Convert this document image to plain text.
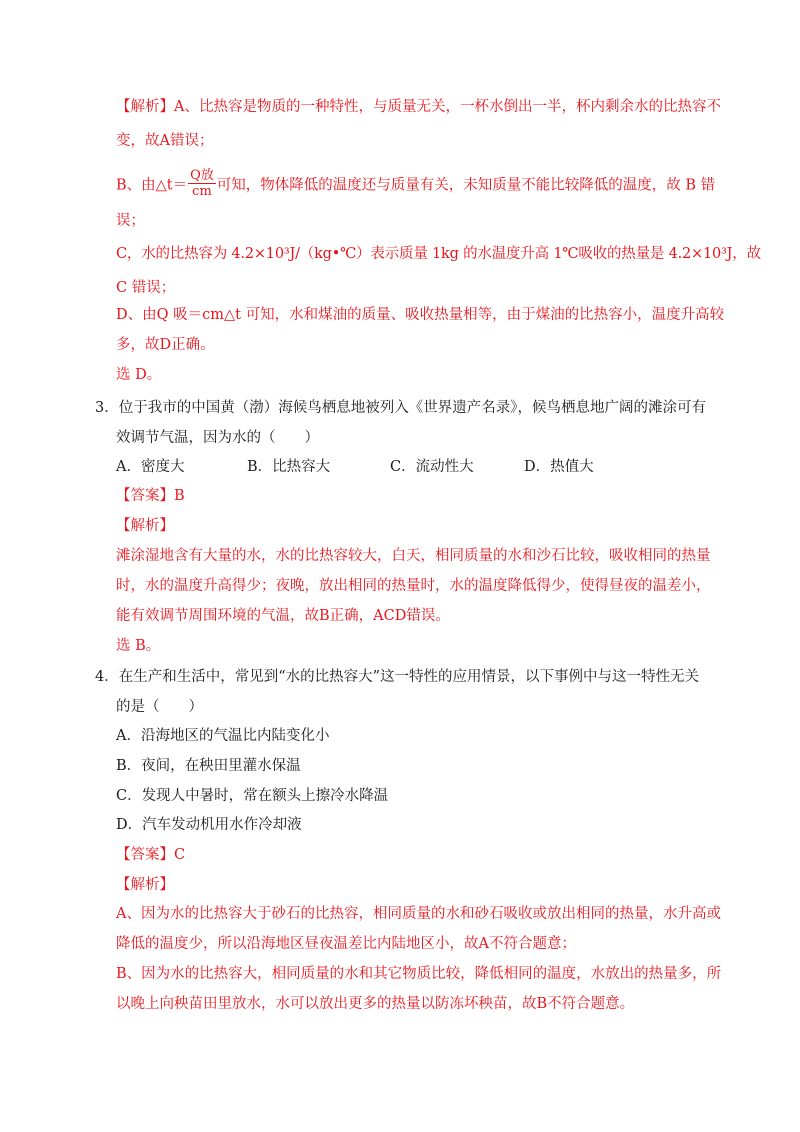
【解析】A、比热容是物质的一种特性，与质量无关，一杯水倒出一半，杯内剩余水的比热容不
变，故A错误；
B、由△t＝ $\frac{\text{Q放}}{cm}$ 可知，物体降低的温度还与质量有关，未知质量不能比较降低的温度，故 B 错
误；
C，水的比热容为 4.2×10³J/（kg•℃）表示质量 1kg 的水温度升高 1℃吸收的热量是 4.2×10³J，故
C 错误；
D、由Q 吸＝cm△t 可知，水和煤油的质量、吸收热量相等，由于煤油的比热容小，温度升高较
多，故D正确。
选 D。
3．位于我市的中国黄（渤）海候鸟栖息地被列入《世界遗产名录》，候鸟栖息地广阔的滩涂可有
效调节气温，因为水的（　　）
A．密度大	B．比热容大	C．流动性大	D．热值大
【答案】B
【解析】
滩涂湿地含有大量的水，水的比热容较大，白天，相同质量的水和沙石比较，吸收相同的热量
时，水的温度升高得少；夜晚，放出相同的热量时，水的温度降低得少，使得昼夜的温差小，
能有效调节周围环境的气温，故B正确，ACD错误。
选 B。
4．在生产和生活中，常见到“水的比热容大”这一特性的应用情景，以下事例中与这一特性无关
的是（　　）
A．沿海地区的气温比内陆变化小
B．夜间，在秧田里灌水保温
C．发现人中暑时，常在额头上擦冷水降温
D．汽车发动机用水作冷却液
【答案】C
【解析】
A、因为水的比热容大于砂石的比热容，相同质量的水和砂石吸收或放出相同的热量，水升高或
降低的温度少，所以沿海地区昼夜温差比内陆地区小，故A不符合题意；
B、因为水的比热容大，相同质量的水和其它物质比较，降低相同的温度，水放出的热量多，所
以晚上向秧苗田里放水，水可以放出更多的热量以防冻坏秧苗，故B不符合题意。
